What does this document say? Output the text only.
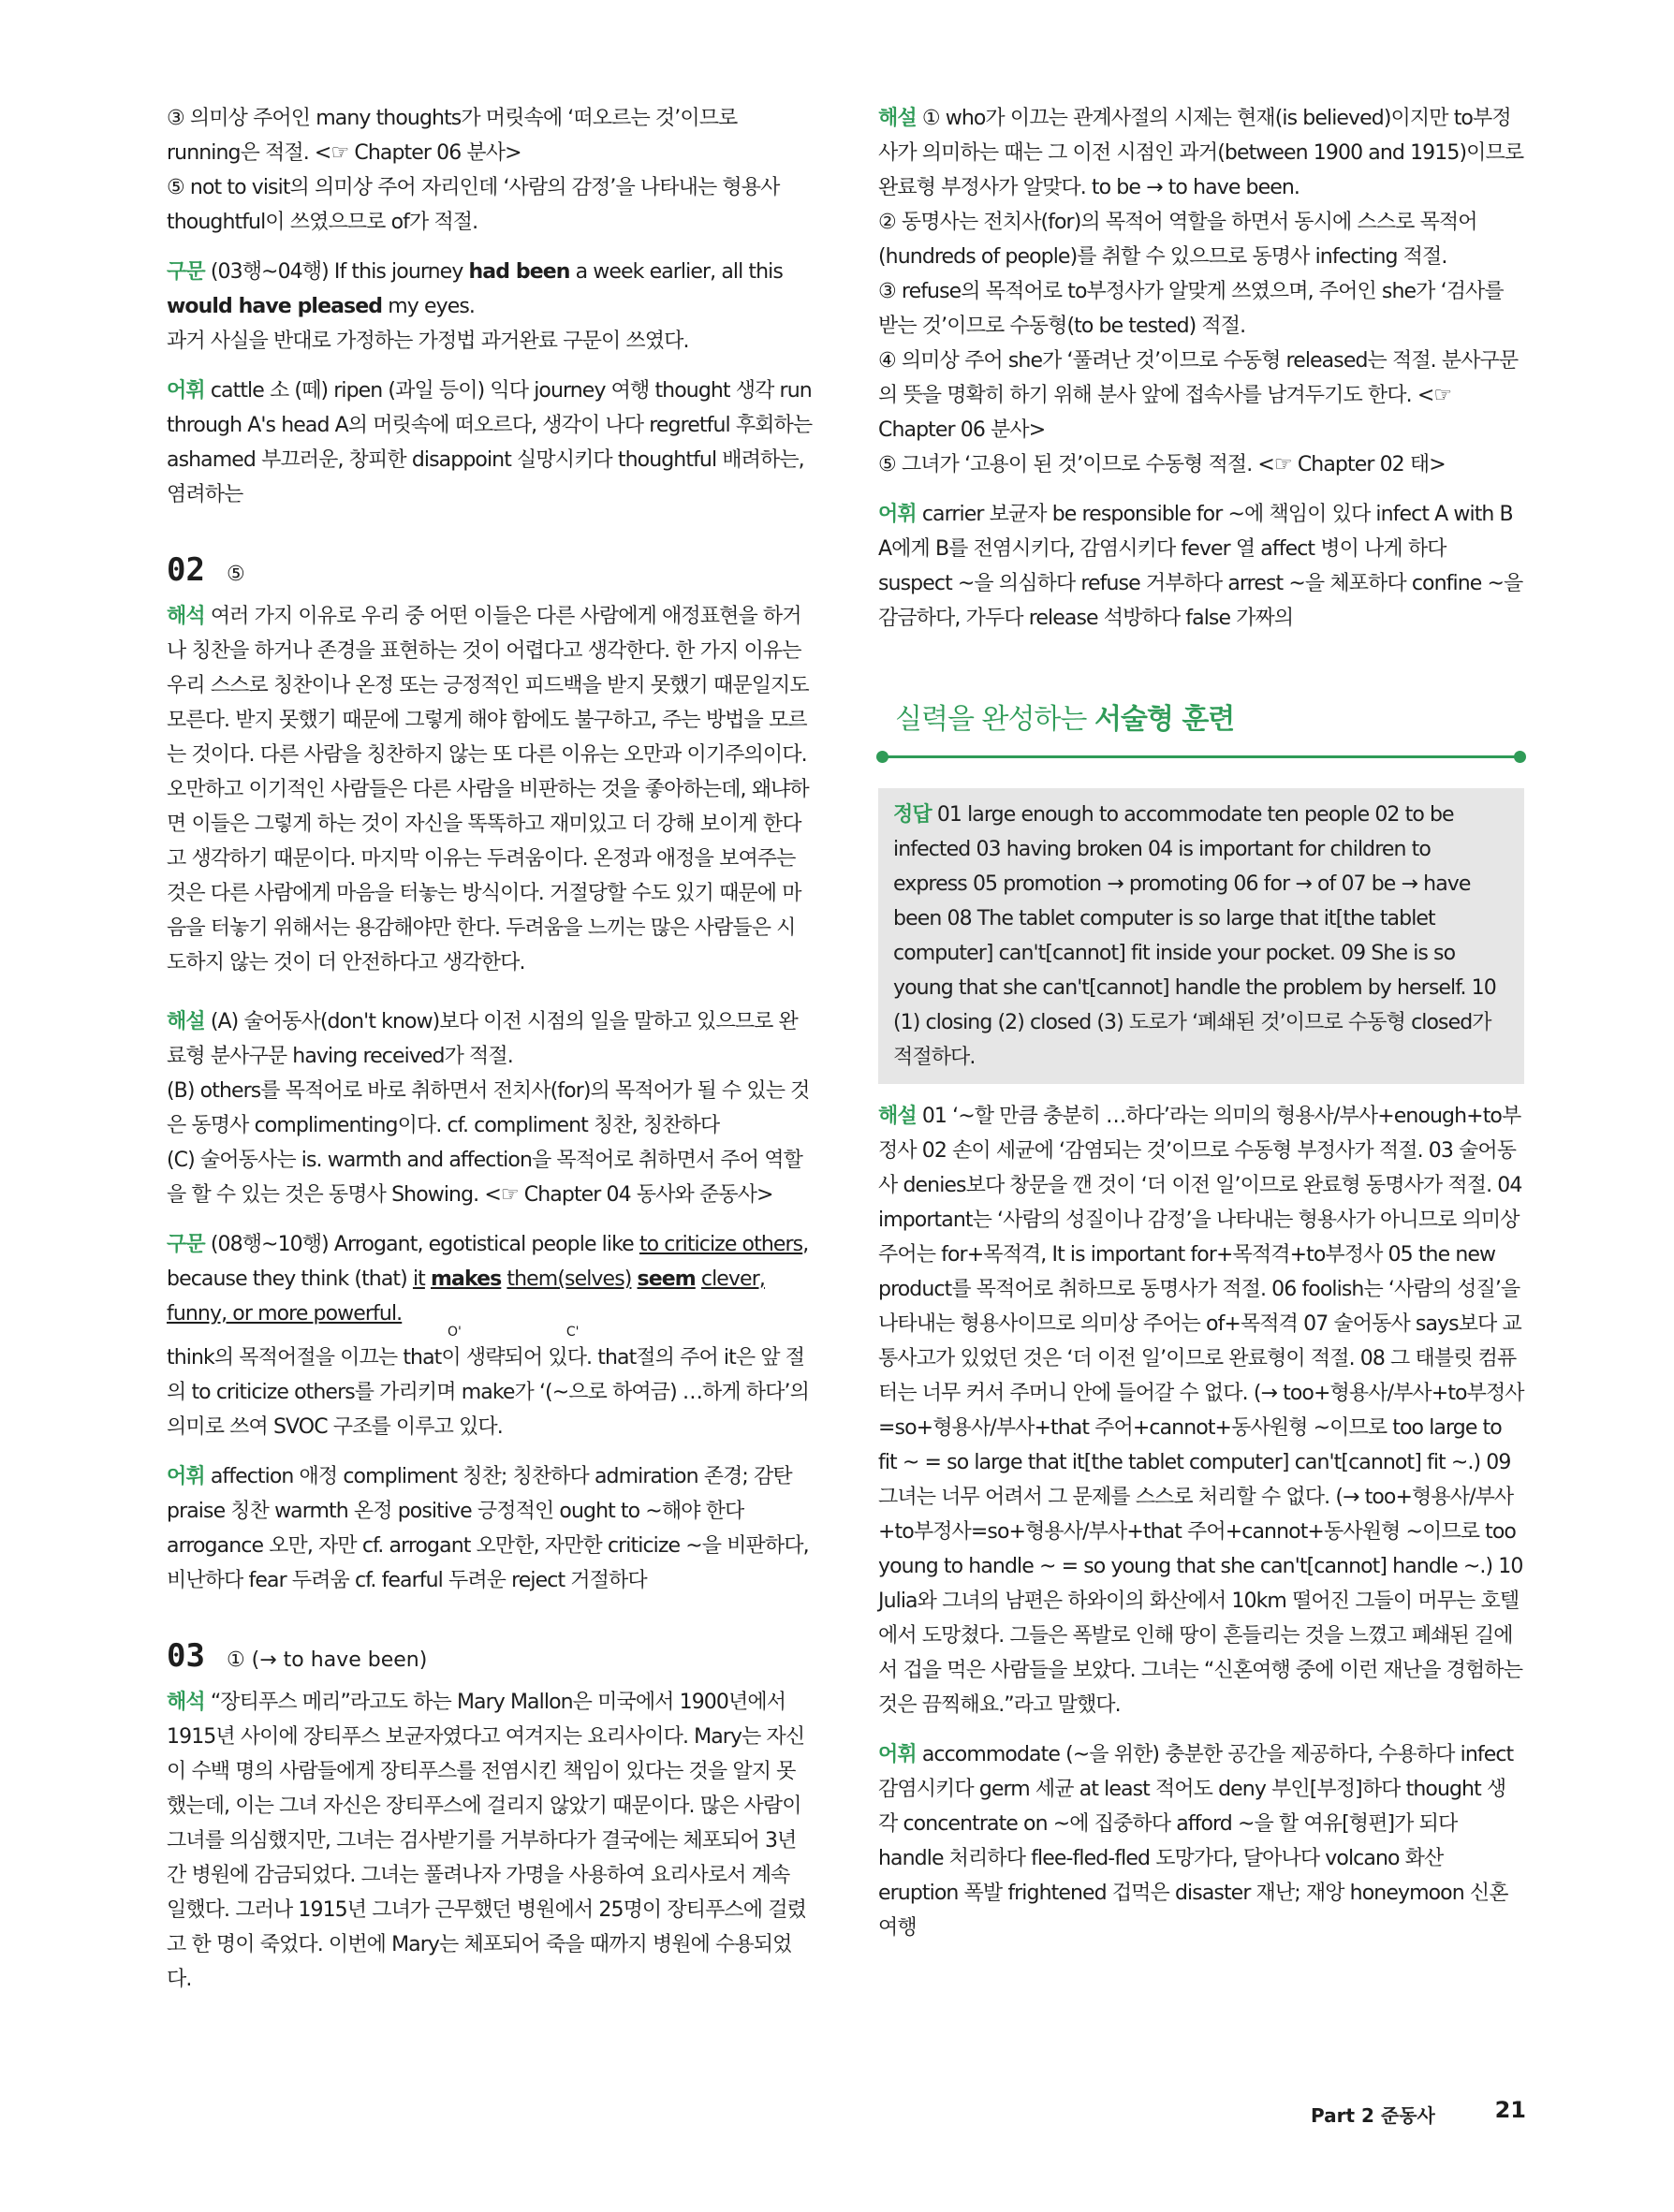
③ 의미상 주어인 many thoughts가 머릿속에 ‘떠오르는 것’이므로 running은 적절. <☞ Chapter 06 분사>

⑤ not to visit의 의미상 주어 자리인데 ‘사람의 감정’을 나타내는 형용사 thoughtful이 쓰였으므로 of가 적절.

구문 (03행~04행) If this journey had been a week earlier, all this would have pleased my eyes.

과거 사실을 반대로 가정하는 가정법 과거완료 구문이 쓰였다.

어휘 cattle 소 (떼) ripen (과일 등이) 익다 journey 여행 thought 생각 run through A's head A의 머릿속에 떠오르다, 생각이 나다 regretful 후회하는 ashamed 부끄러운, 창피한 disappoint 실망시키다 thoughtful 배려하는, 염려하는

02 ⑤

해석 여러 가지 이유로 우리 중 어떤 이들은 다른 사람에게 애정표현을 하거나 칭찬을 하거나 존경을 표현하는 것이 어렵다고 생각한다. 한 가지 이유는 우리 스스로 칭찬이나 온정 또는 긍정적인 피드백을 받지 못했기 때문일지도 모른다. 받지 못했기 때문에 그렇게 해야 함에도 불구하고, 주는 방법을 모르는 것이다. 다른 사람을 칭찬하지 않는 또 다른 이유는 오만과 이기주의이다. 오만하고 이기적인 사람들은 다른 사람을 비판하는 것을 좋아하는데, 왜냐하면 이들은 그렇게 하는 것이 자신을 똑똑하고 재미있고 더 강해 보이게 한다고 생각하기 때문이다. 마지막 이유는 두려움이다. 온정과 애정을 보여주는 것은 다른 사람에게 마음을 터놓는 방식이다. 거절당할 수도 있기 때문에 마음을 터놓기 위해서는 용감해야만 한다. 두려움을 느끼는 많은 사람들은 시도하지 않는 것이 더 안전하다고 생각한다.

해설 (A) 술어동사(don't know)보다 이전 시점의 일을 말하고 있으므로 완료형 분사구문 having received가 적절.

(B) others를 목적어로 바로 취하면서 전치사(for)의 목적어가 될 수 있는 것은 동명사 complimenting이다. cf. compliment 칭찬, 칭찬하다

(C) 술어동사는 is. warmth and affection을 목적어로 취하면서 주어 역할을 할 수 있는 것은 동명사 Showing. <☞ Chapter 04 동사와 준동사>

구문 (08행~10행) Arrogant, egotistical people like to criticize others, because they think (that) it makes them(selves) seem clever, funny, or more powerful.

O'	C'

think의 목적어절을 이끄는 that이 생략되어 있다. that절의 주어 it은 앞 절의 to criticize others를 가리키며 make가 ‘(~으로 하여금) …하게 하다’의 의미로 쓰여 SVOC 구조를 이루고 있다.

어휘 affection 애정 compliment 칭찬; 칭찬하다 admiration 존경; 감탄 praise 칭찬 warmth 온정 positive 긍정적인 ought to ~해야 한다 arrogance 오만, 자만 cf. arrogant 오만한, 자만한 criticize ~을 비판하다, 비난하다 fear 두려움 cf. fearful 두려운 reject 거절하다

03 ① (→ to have been)

해석 “장티푸스 메리”라고도 하는 Mary Mallon은 미국에서 1900년에서 1915년 사이에 장티푸스 보균자였다고 여겨지는 요리사이다. Mary는 자신이 수백 명의 사람들에게 장티푸스를 전염시킨 책임이 있다는 것을 알지 못했는데, 이는 그녀 자신은 장티푸스에 걸리지 않았기 때문이다. 많은 사람이 그녀를 의심했지만, 그녀는 검사받기를 거부하다가 결국에는 체포되어 3년간 병원에 감금되었다. 그녀는 풀려나자 가명을 사용하여 요리사로서 계속 일했다. 그러나 1915년 그녀가 근무했던 병원에서 25명이 장티푸스에 걸렸고 한 명이 죽었다. 이번에 Mary는 체포되어 죽을 때까지 병원에 수용되었다.

해설 ① who가 이끄는 관계사절의 시제는 현재(is believed)이지만 to부정사가 의미하는 때는 그 이전 시점인 과거(between 1900 and 1915)이므로 완료형 부정사가 알맞다. to be → to have been.

② 동명사는 전치사(for)의 목적어 역할을 하면서 동시에 스스로 목적어(hundreds of people)를 취할 수 있으므로 동명사 infecting 적절.

③ refuse의 목적어로 to부정사가 알맞게 쓰였으며, 주어인 she가 ‘검사를 받는 것’이므로 수동형(to be tested) 적절.

④ 의미상 주어 she가 ‘풀려난 것’이므로 수동형 released는 적절. 분사구문의 뜻을 명확히 하기 위해 분사 앞에 접속사를 남겨두기도 한다. <☞ Chapter 06 분사>

⑤ 그녀가 ‘고용이 된 것’이므로 수동형 적절. <☞ Chapter 02 태>

어휘 carrier 보균자 be responsible for ~에 책임이 있다 infect A with B A에게 B를 전염시키다, 감염시키다 fever 열 affect 병이 나게 하다 suspect ~을 의심하다 refuse 거부하다 arrest ~을 체포하다 confine ~을 감금하다, 가두다 release 석방하다 false 가짜의

실력을 완성하는 서술형 훈련

정답 01 large enough to accommodate ten people 02 to be infected 03 having broken 04 is important for children to express 05 promotion → promoting 06 for → of 07 be → have been 08 The tablet computer is so large that it[the tablet computer] can't[cannot] fit inside your pocket. 09 She is so young that she can't[cannot] handle the problem by herself. 10 (1) closing (2) closed (3) 도로가 ‘폐쇄된 것’이므로 수동형 closed가 적절하다.

해설 01 ‘~할 만큼 충분히 …하다’라는 의미의 형용사/부사+enough+to부정사 02 손이 세균에 ‘감염되는 것’이므로 수동형 부정사가 적절. 03 술어동사 denies보다 창문을 깬 것이 ‘더 이전 일’이므로 완료형 동명사가 적절. 04 important는 ‘사람의 성질이나 감정’을 나타내는 형용사가 아니므로 의미상 주어는 for+목적격, It is important for+목적격+to부정사 05 the new product를 목적어로 취하므로 동명사가 적절. 06 foolish는 ‘사람의 성질’을 나타내는 형용사이므로 의미상 주어는 of+목적격 07 술어동사 says보다 교통사고가 있었던 것은 ‘더 이전 일’이므로 완료형이 적절. 08 그 태블릿 컴퓨터는 너무 커서 주머니 안에 들어갈 수 없다. (→ too+형용사/부사+to부정사=so+형용사/부사+that 주어+cannot+동사원형 ~이므로 too large to fit ~ = so large that it[the tablet computer] can't[cannot] fit ~.) 09 그녀는 너무 어려서 그 문제를 스스로 처리할 수 없다. (→ too+형용사/부사+to부정사=so+형용사/부사+that 주어+cannot+동사원형 ~이므로 too young to handle ~ = so young that she can't[cannot] handle ~.) 10 Julia와 그녀의 남편은 하와이의 화산에서 10km 떨어진 그들이 머무는 호텔에서 도망쳤다. 그들은 폭발로 인해 땅이 흔들리는 것을 느꼈고 폐쇄된 길에서 겁을 먹은 사람들을 보았다. 그녀는 “신혼여행 중에 이런 재난을 경험하는 것은 끔찍해요.”라고 말했다.

어휘 accommodate (~을 위한) 충분한 공간을 제공하다, 수용하다 infect 감염시키다 germ 세균 at least 적어도 deny 부인[부정]하다 thought 생각 concentrate on ~에 집중하다 afford ~을 할 여유[형편]가 되다 handle 처리하다 flee-fled-fled 도망가다, 달아나다 volcano 화산 eruption 폭발 frightened 겁먹은 disaster 재난; 재앙 honeymoon 신혼여행

Part 2 준동사	21
